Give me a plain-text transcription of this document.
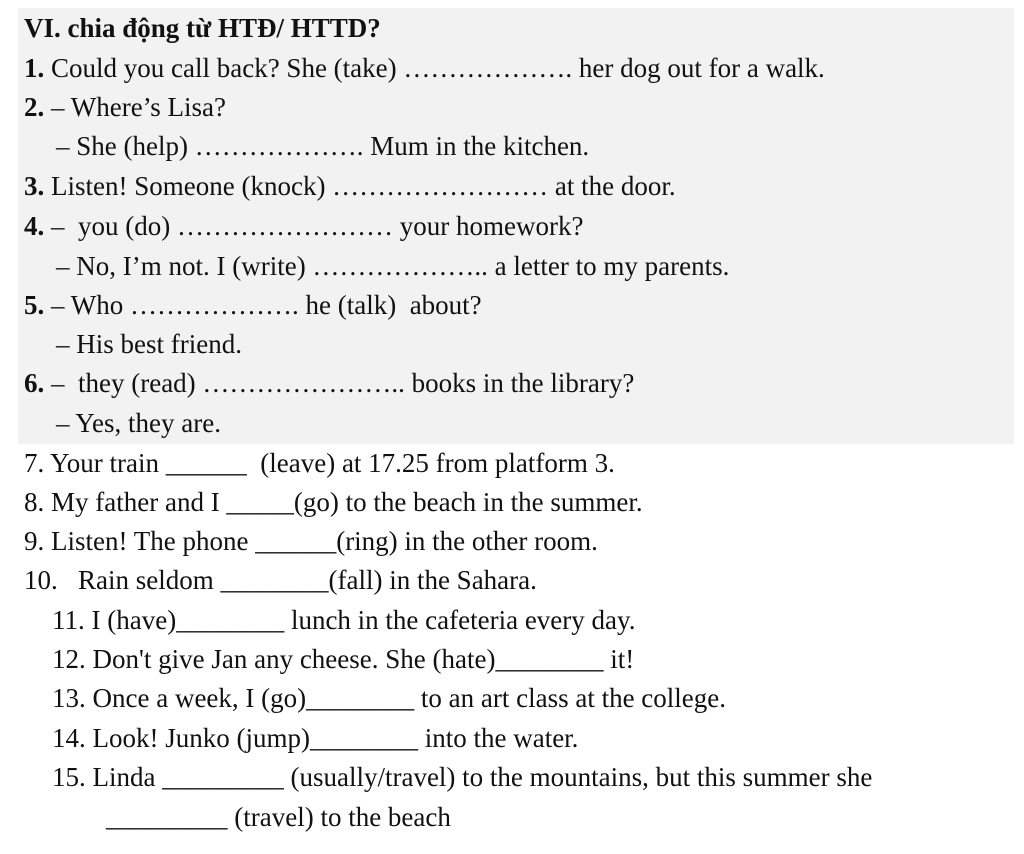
VI. chia động từ HTĐ/ HTTD?
1. Could you call back? She (take) ………………. her dog out for a walk.
2. – Where’s Lisa?
– She (help) ………………. Mum in the kitchen.
3. Listen! Someone (knock) …………………… at the door.
4. –  you (do) …………………… your homework?
– No, I’m not. I (write) ……………….. a letter to my parents.
5. – Who ………………. he (talk)  about?
– His best friend.
6. –  they (read) ………………….. books in the library?
– Yes, they are.
7. Your train ______  (leave) at 17.25 from platform 3.
8. My father and I _____(go) to the beach in the summer.
9. Listen! The phone ______(ring) in the other room.
10.   Rain seldom ________(fall) in the Sahara.
11. I (have)________ lunch in the cafeteria every day.
12. Don't give Jan any cheese. She (hate)________ it!
13. Once a week, I (go)________ to an art class at the college.
14. Look! Junko (jump)________ into the water.
15. Linda _________ (usually/travel) to the mountains, but this summer she
_________ (travel) to the beach
